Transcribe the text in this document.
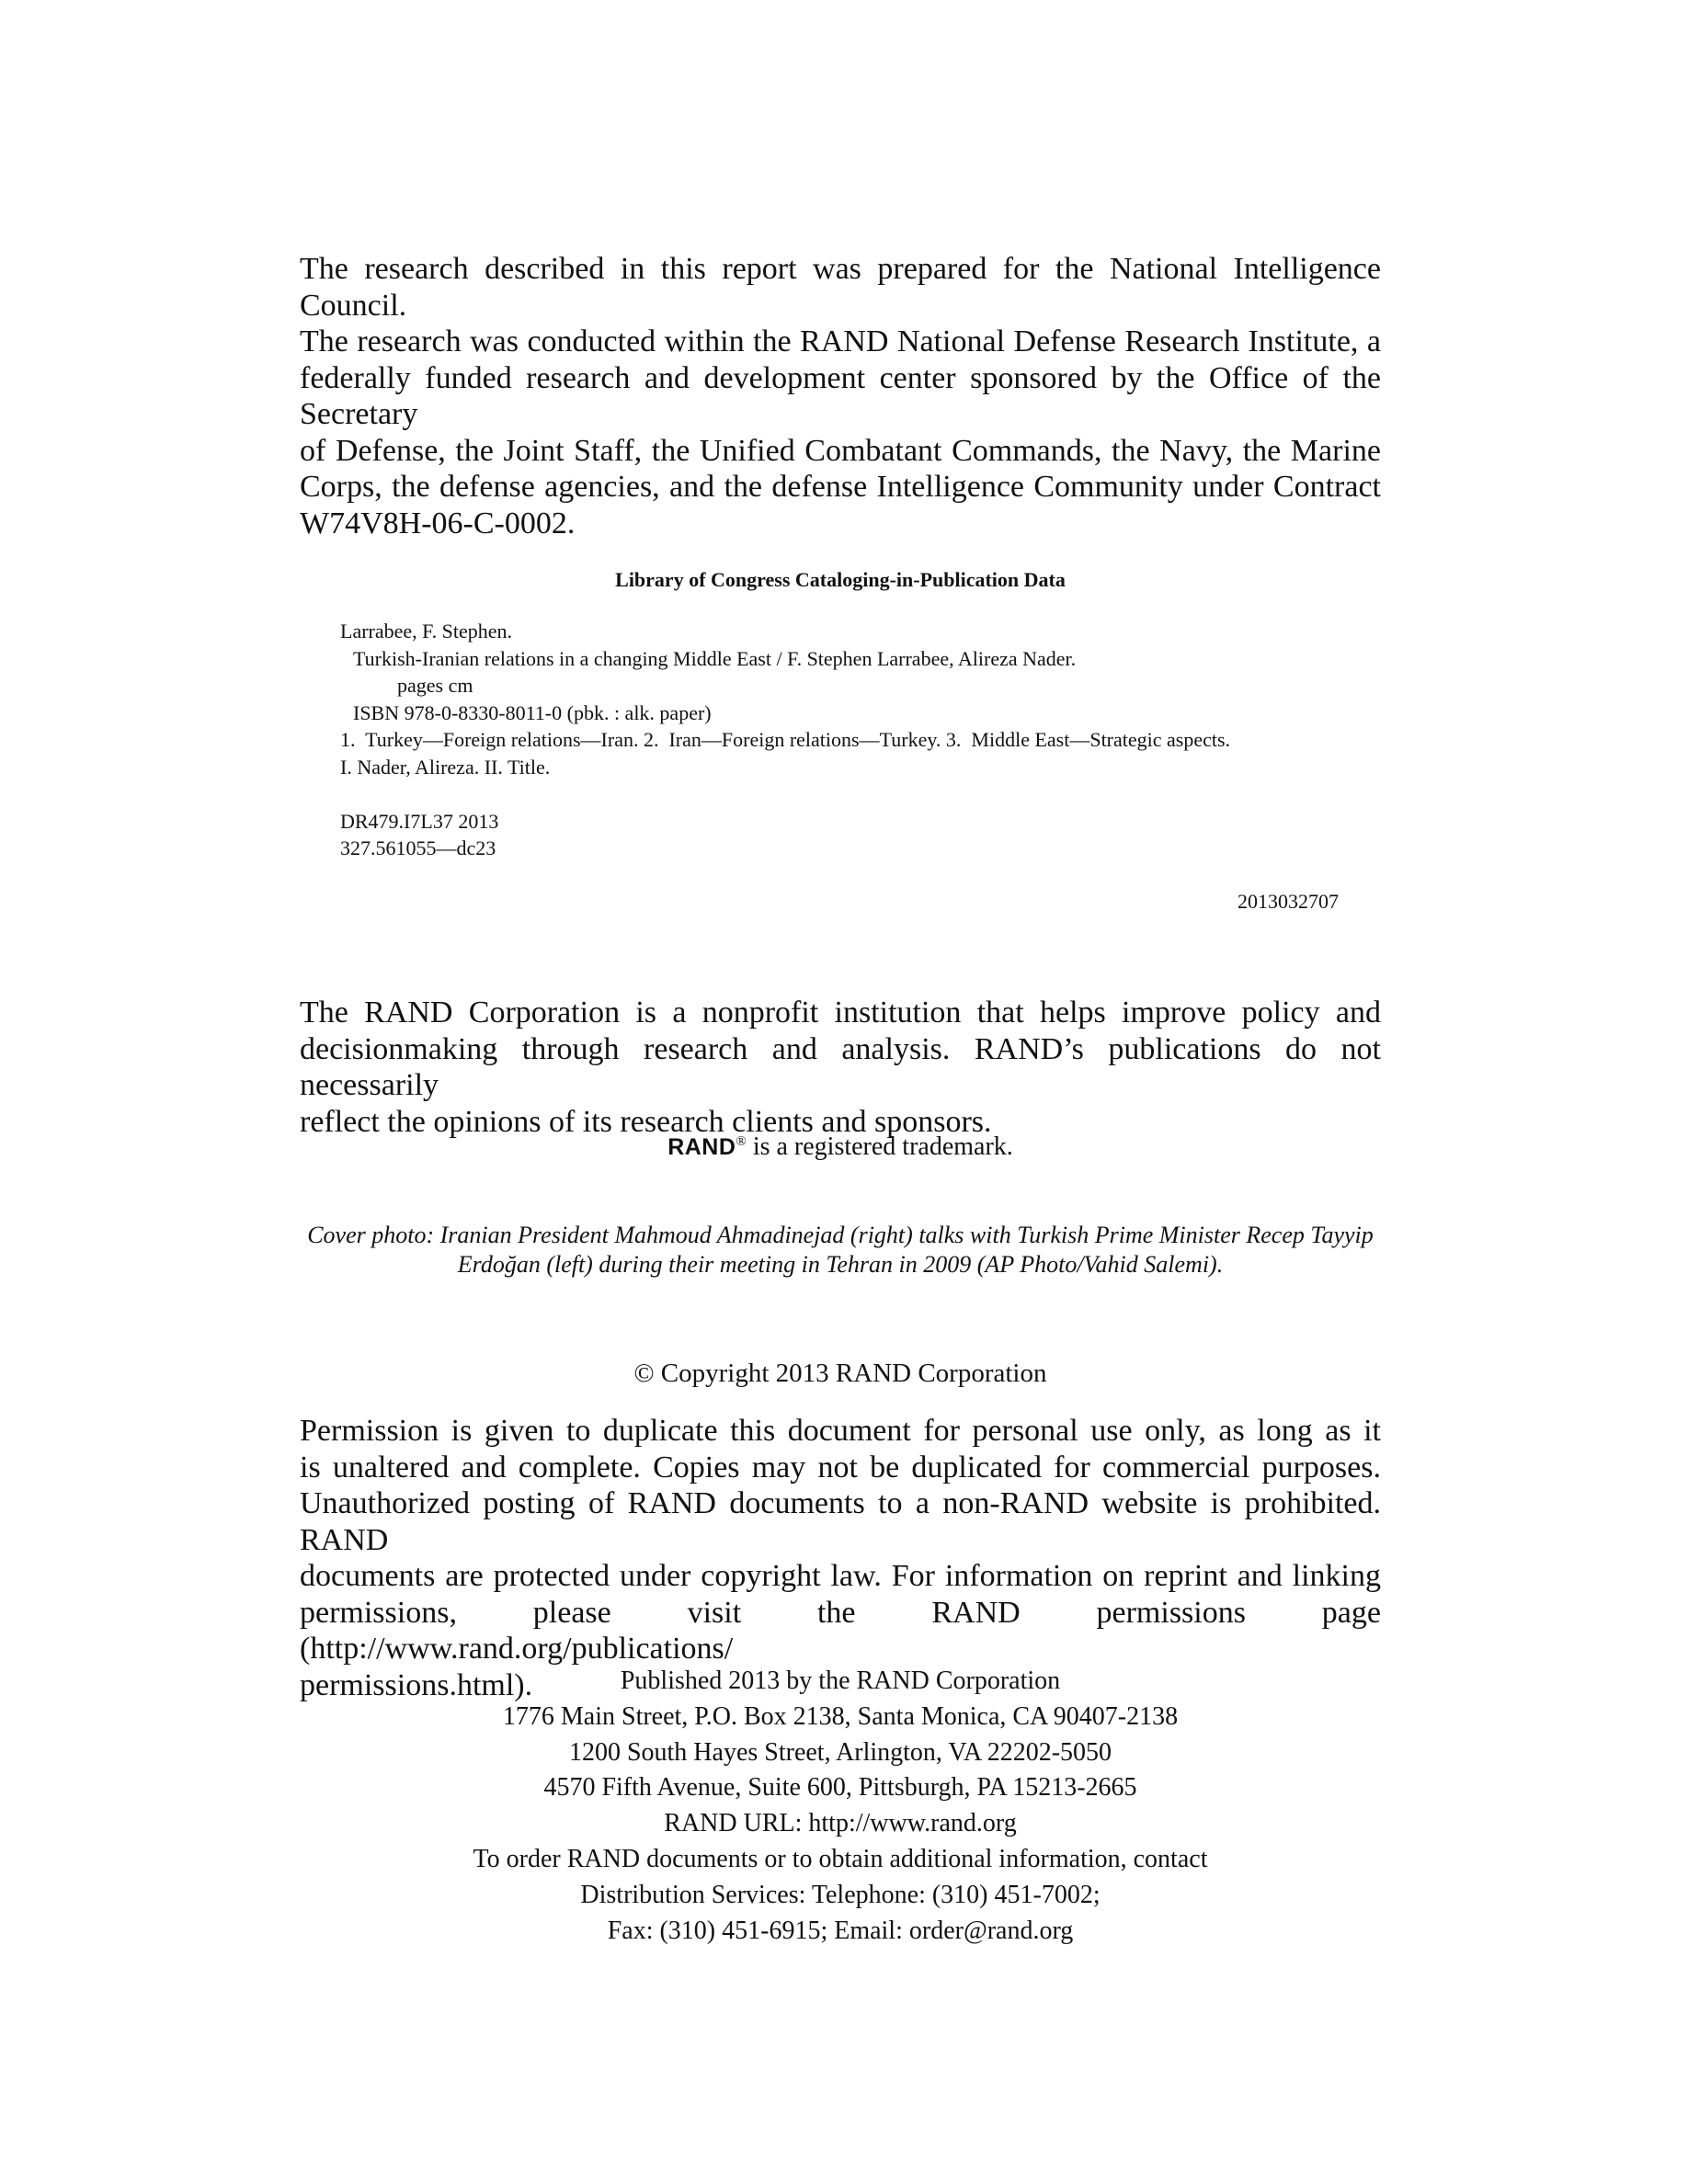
The research described in this report was prepared for the National Intelligence Council.
The research was conducted within the RAND National Defense Research Institute, a
federally funded research and development center sponsored by the Office of the Secretary
of Defense, the Joint Staff, the Unified Combatant Commands, the Navy, the Marine
Corps, the defense agencies, and the defense Intelligence Community under Contract
W74V8H-06-C-0002.
Library of Congress Cataloging-in-Publication Data
Larrabee, F. Stephen.
Turkish-Iranian relations in a changing Middle East / F. Stephen Larrabee, Alireza Nader.
pages cm
ISBN 978-0-8330-8011-0 (pbk. : alk. paper)
1.  Turkey—Foreign relations—Iran. 2.  Iran—Foreign relations—Turkey. 3.  Middle East—Strategic aspects.
I. Nader, Alireza. II. Title.
DR479.I7L37 2013
327.561055—dc23
2013032707
The RAND Corporation is a nonprofit institution that helps improve policy and
decisionmaking through research and analysis. RAND’s publications do not necessarily
reflect the opinions of its research clients and sponsors.
RAND® is a registered trademark.
Cover photo: Iranian President Mahmoud Ahmadinejad (right) talks with Turkish Prime Minister Recep Tayyip
Erdoğan (left) during their meeting in Tehran in 2009 (AP Photo/Vahid Salemi).
© Copyright 2013 RAND Corporation
Permission is given to duplicate this document for personal use only, as long as it
is unaltered and complete. Copies may not be duplicated for commercial purposes.
Unauthorized posting of RAND documents to a non-RAND website is prohibited. RAND
documents are protected under copyright law. For information on reprint and linking
permissions, please visit the RAND permissions page (http://www.rand.org/publications/
permissions.html).	Published 2013 by the RAND Corporation
1776 Main Street, P.O. Box 2138, Santa Monica, CA 90407-2138
1200 South Hayes Street, Arlington, VA 22202-5050
4570 Fifth Avenue, Suite 600, Pittsburgh, PA 15213-2665
RAND URL: http://www.rand.org
To order RAND documents or to obtain additional information, contact
Distribution Services: Telephone: (310) 451-7002;
Fax: (310) 451-6915; Email: order@rand.org
